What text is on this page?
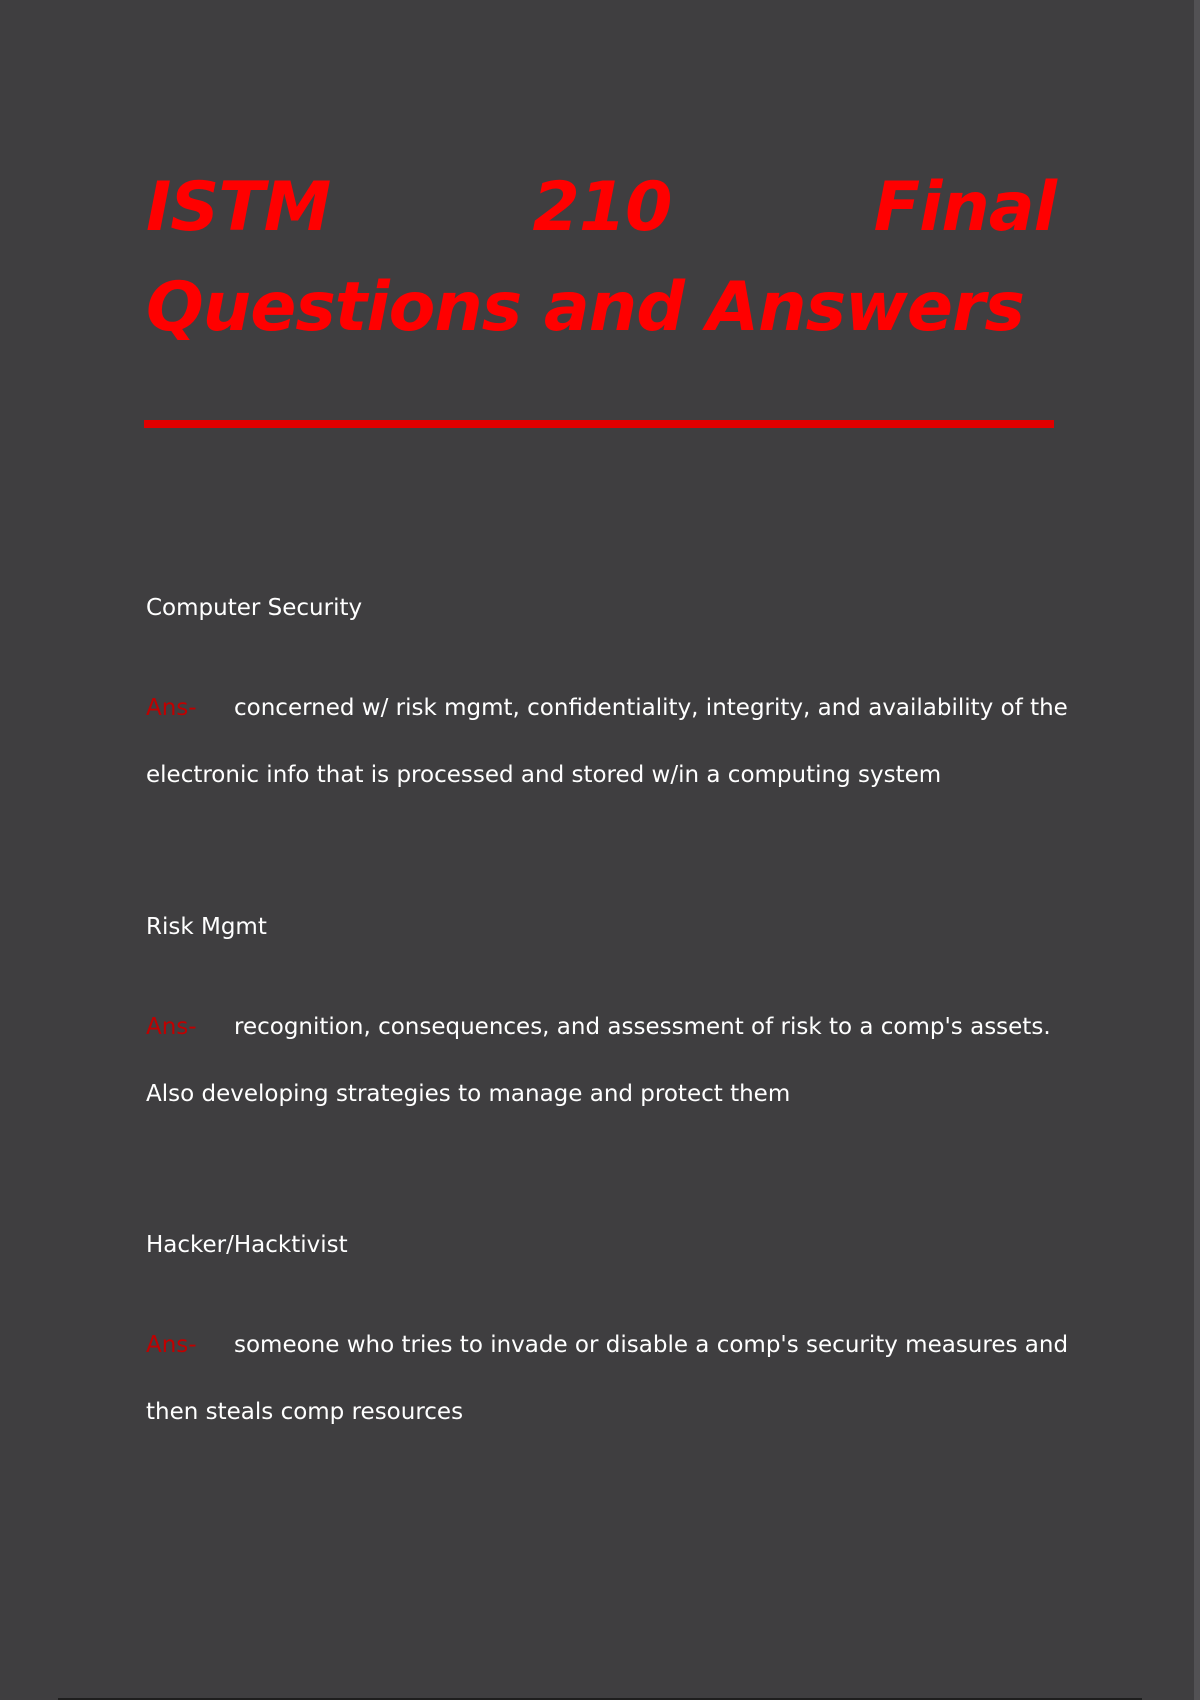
ISTM	210	Final
Questions and Answers
Computer Security
Ans- concerned w/ risk mgmt, confidentiality, integrity, and availability of the electronic info that is processed and stored w/in a computing system
Risk Mgmt
Ans- recognition, consequences, and assessment of risk to a comp's assets. Also developing strategies to manage and protect them
Hacker/Hacktivist
Ans- someone who tries to invade or disable a comp's security measures and then steals comp resources
